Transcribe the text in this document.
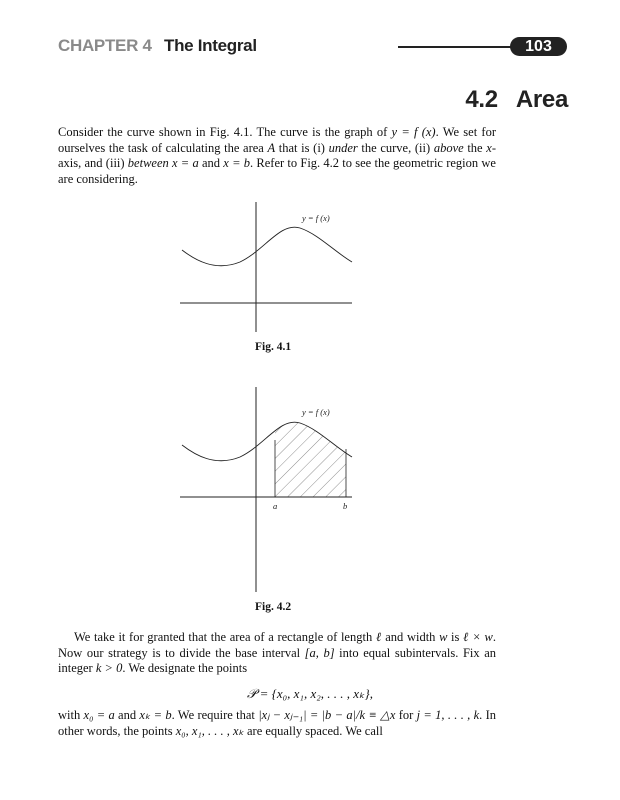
CHAPTER 4 The Integral	103
4.2 Area

Consider the curve shown in Fig. 4.1. The curve is the graph of y = f (x). We set for ourselves the task of calculating the area A that is (i) under the curve, (ii) above the x-axis, and (iii) between x = a and x = b. Refer to Fig. 4.2 to see the geometric region we are considering.

y = f (x)
Fig. 4.1
y = f (x)
a	b
Fig. 4.2

We take it for granted that the area of a rectangle of length ℓ and width w is ℓ × w. Now our strategy is to divide the base interval [a, b] into equal subintervals. Fix an integer k > 0. We designate the points

𝒫 = {x₀, x₁, x₂, . . . , xₖ},

with x₀ = a and xₖ = b. We require that |xⱼ − xⱼ₋₁| = |b − a|/k ≡ △x for j = 1, . . . , k. In other words, the points x₀, x₁, . . . , xₖ are equally spaced. We call
